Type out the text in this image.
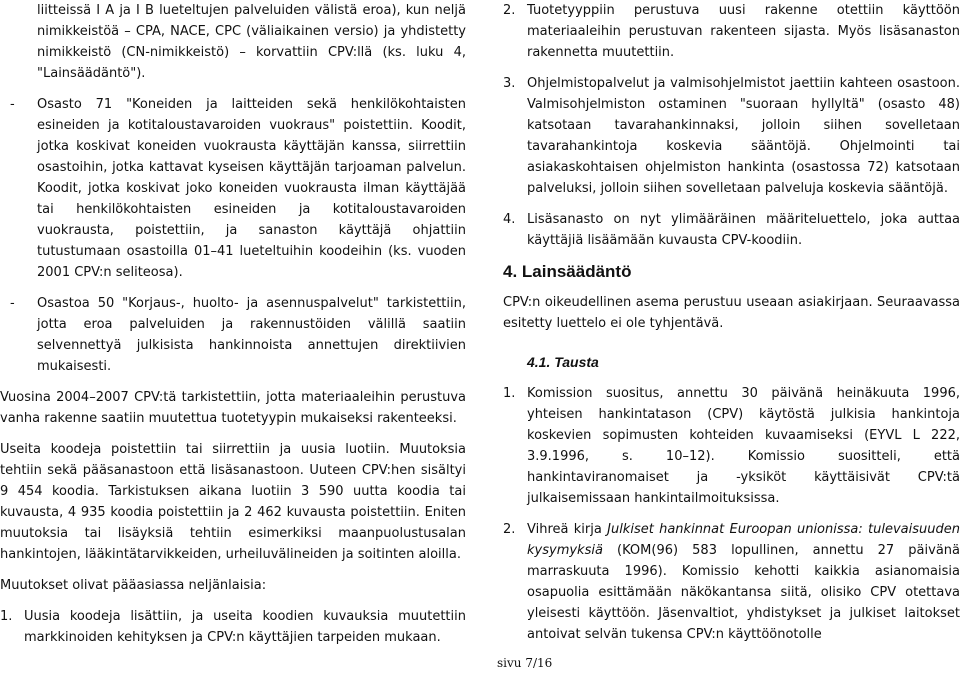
liitteissä I A ja I B lueteltujen palveluiden välistä eroa), kun neljä nimikkeistöä – CPA, NACE, CPC (väliaikainen versio) ja yhdistetty nimikkeistö (CN-nimikkeistö) – korvattiin CPV:llä (ks. luku 4, "Lainsäädäntö").

-	Osasto 71 "Koneiden ja laitteiden sekä henkilökohtaisten esineiden ja kotitaloustavaroiden vuokraus" poistettiin. Koodit, jotka koskivat koneiden vuokrausta käyttäjän kanssa, siirrettiin osastoihin, jotka kattavat kyseisen käyttäjän tarjoaman palvelun. Koodit, jotka koskivat joko koneiden vuokrausta ilman käyttäjää tai henkilökohtaisten esineiden ja kotitaloustavaroiden vuokrausta, poistettiin, ja sanaston käyttäjä ohjattiin tutustumaan osastoilla 01–41 lueteltuihin koodeihin (ks. vuoden 2001 CPV:n seliteosa).

-	Osastoa 50 "Korjaus-, huolto- ja asennuspalvelut" tarkistettiin, jotta eroa palveluiden ja rakennustöiden välillä saatiin selvennettyä julkisista hankinnoista annettujen direktiivien mukaisesti.

Vuosina 2004–2007 CPV:tä tarkistettiin, jotta materiaaleihin perustuva vanha rakenne saatiin muutettua tuotetyypin mukaiseksi rakenteeksi.

Useita koodeja poistettiin tai siirrettiin ja uusia luotiin. Muutoksia tehtiin sekä pääsanastoon että lisäsanastoon. Uuteen CPV:hen sisältyi 9 454 koodia. Tarkistuksen aikana luotiin 3 590 uutta koodia tai kuvausta, 4 935 koodia poistettiin ja 2 462 kuvausta poistettiin. Eniten muutoksia tai lisäyksiä tehtiin esimerkiksi maanpuolustusalan hankintojen, lääkintätarvikkeiden, urheiluvälineiden ja soitinten aloilla.

Muutokset olivat pääasiassa neljänlaisia:

1. Uusia koodeja lisättiin, ja useita koodien kuvauksia muutettiin markkinoiden kehityksen ja CPV:n käyttäjien tarpeiden mukaan.

2. Tuotetyyppiin perustuva uusi rakenne otettiin käyttöön materiaaleihin perustuvan rakenteen sijasta. Myös lisäsanaston rakennetta muutettiin.

3. Ohjelmistopalvelut ja valmisohjelmistot jaettiin kahteen osastoon. Valmisohjelmiston ostaminen "suoraan hyllyltä" (osasto 48) katsotaan tavarahankinnaksi, jolloin siihen sovelletaan tavarahankintoja koskevia sääntöjä. Ohjelmointi tai asiakaskohtaisen ohjelmiston hankinta (osastossa 72) katsotaan palveluksi, jolloin siihen sovelletaan palveluja koskevia sääntöjä.

4. Lisäsanasto on nyt ylimääräinen määriteluettelo, joka auttaa käyttäjiä lisäämään kuvausta CPV-koodiin.

4. Lainsäädäntö

CPV:n oikeudellinen asema perustuu useaan asiakirjaan. Seuraavassa esitetty luettelo ei ole tyhjentävä.

4.1. Tausta
1. Komission suositus, annettu 30 päivänä heinäkuuta 1996, yhteisen hankintatason (CPV) käytöstä julkisia hankintoja koskevien sopimusten kohteiden kuvaamiseksi (EYVL L 222, 3.9.1996, s. 10–12). Komissio suositteli, että hankintaviranomaiset ja -yksiköt käyttäisivät CPV:tä julkaisemissaan hankintailmoituksissa.

2. Vihreä kirja Julkiset hankinnat Euroopan unionissa: tulevaisuuden kysymyksiä (KOM(96) 583 lopullinen, annettu 27 päivänä marraskuuta 1996). Komissio kehotti kaikkia asianomaisia osapuolia esittämään näkökantansa siitä, olisiko CPV otettava yleisesti käyttöön. Jäsenvaltiot, yhdistykset ja julkiset laitokset antoivat selvän tukensa CPV:n käyttöönotolle

sivu 7/16
